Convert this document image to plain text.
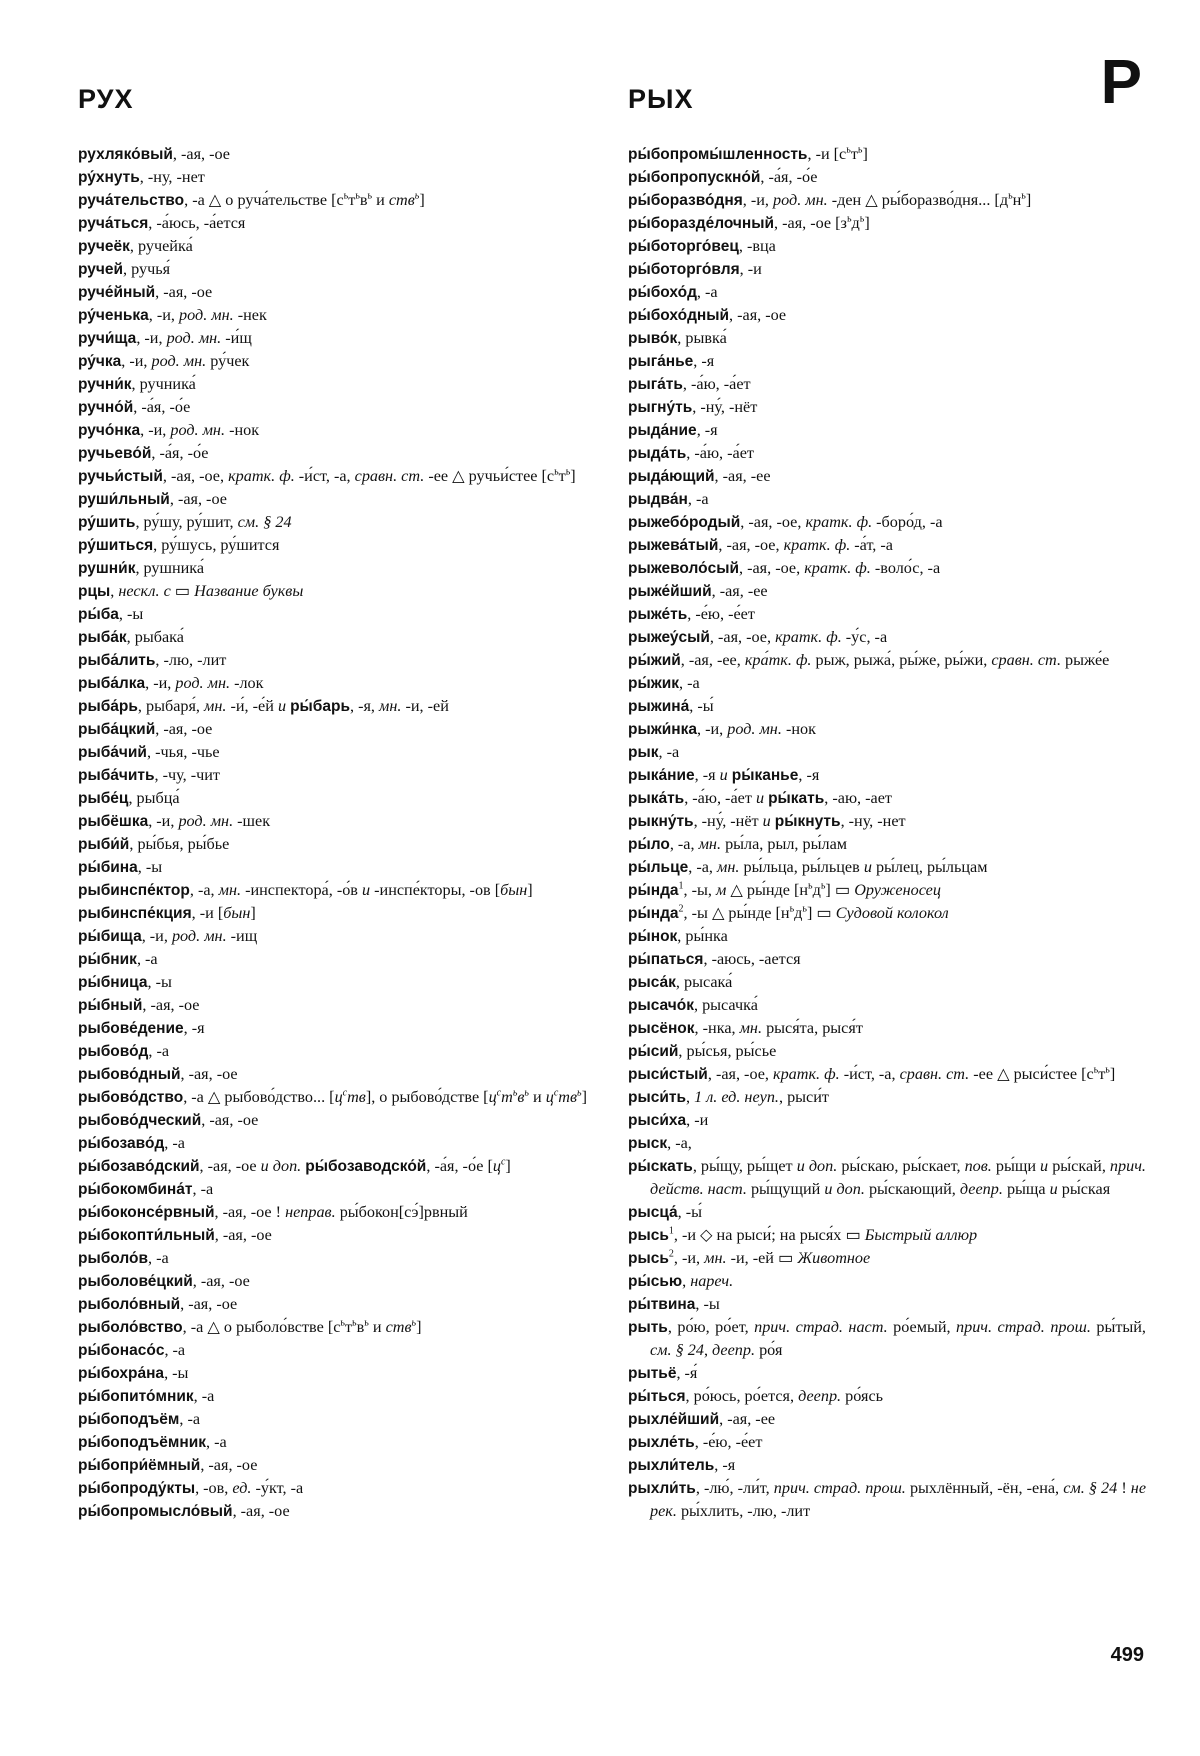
РУХ	РЫХ	Р
рухляко́вый, -ая, -ое
ру́хнуть, -ну, -нет
руча́тельство, -а △ о руча́тельстве [$с^ьт^ьв^ь$ и ств$^ь$]
руча́ться, -а́юсь, -а́ется
ручеёк, ручейка́
ручей, ручья́
руче́йный, -ая, -ое
ру́ченька, -и, род. мн. -нек
ручи́ща, -и, род. мн. -и́щ
ру́чка, -и, род. мн. ру́чек
ручни́к, ручника́
ручно́й, -а́я, -о́е
ручо́нка, -и, род. мн. -нок
ручьево́й, -а́я, -о́е
ручьи́стый, -ая, -ое, кратк. ф. -и́ст, -а, сравн. ст. -ее △ ручьи́стее $[с^ьт^ь]$
руши́льный, -ая, -ое
ру́шить, ру́шу, ру́шит, см. § 24
ру́шиться, ру́шусь, ру́шится
рушни́к, рушника́
рцы, нескл. с ▭ Название буквы
ры́ба, -ы
рыба́к, рыбака́
рыба́лить, -лю, -лит
рыба́лка, -и, род. мн. -лок
рыба́рь, рыбаря́, мн. -и́, -е́й и ры́барь, -я, мн. -и, -ей
рыба́цкий, -ая, -ое
рыба́чий, -чья, -чье
рыба́чить, -чу, -чит
рыбе́ц, рыбца́
рыбёшка, -и, род. мн. -шек
рыби́й, ры́бья, ры́бье
ры́бина, -ы
рыбинспе́ктор, -а, мн. -инспектора́, -о́в и -инспе́кторы, -ов [бын]
рыбинспе́кция, -и [бын]
ры́бища, -и, род. мн. -ищ
ры́бник, -а
ры́бница, -ы
ры́бный, -ая, -ое
рыбове́дение, -я
рыбово́д, -а
рыбово́дный, -ая, -ое
рыбово́дство, -а △ рыбово́дство... $[ц^ств]$, о рыбово́дстве [$ц^ст^ьв^ь$ и $ц^ств^ь$]
рыбово́дческий, -ая, -ое
ры́бозаво́д, -а
ры́бозаво́дский, -ая, -ое и доп. ры́бозаводско́й, -а́я, -о́е $[ц^с]$
ры́бокомбина́т, -а
ры́боконсе́рвный, -ая, -ое ! неправ. ры́бокон[сэ́]рвный
ры́бокопти́льный, -ая, -ое
рыболо́в, -а
рыболове́цкий, -ая, -ое
рыболо́вный, -ая, -ое
рыболо́вство, -а △ о рыболо́встве [$с^ьт^ьв^ь$ и ств$^ь$]
ры́бонасо́с, -а
ры́бохра́на, -ы
ры́бопито́мник, -а
ры́боподъём, -а
ры́боподъёмник, -а
ры́бопри́ёмный, -ая, -ое
ры́бопроду́кты, -ов, ед. -у́кт, -а
ры́бопромысло́вый, -ая, -ое
ры́бопромы́шленность, -и $[с^ьт^ь]$
ры́бопропускно́й, -а́я, -о́е
ры́боразво́дня, -и, род. мн. -ден △ ры́боразво́дня... $[д^ьн^ь]$
ры́боразде́лочный, -ая, -ое $[з^ьд^ь]$
ры́боторго́вец, -вца
ры́боторго́вля, -и
ры́бохо́д, -а
ры́бохо́дный, -ая, -ое
рыво́к, рывка́
рыга́нье, -я
рыга́ть, -а́ю, -а́ет
рыгну́ть, -ну́, -нёт
рыда́ние, -я
рыда́ть, -а́ю, -а́ет
рыда́ющий, -ая, -ее
рыдва́н, -а
рыжебо́родый, -ая, -ое, кратк. ф. -боро́д, -а
рыжева́тый, -ая, -ое, кратк. ф. -а́т, -а
рыжеволо́сый, -ая, -ое, кратк. ф. -воло́с, -а
рыже́йший, -ая, -ее
рыже́ть, -е́ю, -е́ет
рыжеу́сый, -ая, -ое, кратк. ф. -у́с, -а
ры́жий, -ая, -ее, кра́тк. ф. рыж, рыжа́, ры́же, ры́жи, сравн. ст. рыже́е
ры́жик, -а
рыжина́, -ы́
рыжи́нка, -и, род. мн. -нок
рык, -а
рыка́ние, -я и ры́канье, -я
рыка́ть, -а́ю, -а́ет и ры́кать, -аю, -ает
рыкну́ть, -ну́, -нёт и ры́кнуть, -ну, -нет
ры́ло, -а, мн. ры́ла, рыл, ры́лам
ры́льце, -а, мн. ры́льца, ры́льцев и ры́лец, ры́льцам
ры́нда$^1$, -ы, м △ ры́нде $[н^ьд^ь]$ ▭ Оруженосец
ры́нда$^2$, -ы △ ры́нде $[н^ьд^ь]$ ▭ Судовой колокол
ры́нок, ры́нка
ры́паться, -аюсь, -ается
рыса́к, рысака́
рысачо́к, рысачка́
рысёнок, -нка, мн. рыся́та, рыся́т
ры́сий, ры́сья, ры́сье
рыси́стый, -ая, -ое, кратк. ф. -и́ст, -а, сравн. ст. -ее △ рыси́стее $[с^ьт^ь]$
рыси́ть, 1 л. ед. неуп., рыси́т
рыси́ха, -и
рыск, -а,
ры́скать, ры́щу, ры́щет и доп. ры́скаю, ры́скает, пов. ры́щи и ры́скай, прич. действ. наст. ры́щущий и доп. ры́скающий, деепр. ры́ща и ры́ская
рысца́, -ы́
рысь$^1$, -и ◇ на рыси́; на рыся́х ▭ Быстрый аллюр
рысь$^2$, -и, мн. -и, -ей ▭ Животное
ры́сью, нареч.
ры́твина, -ы
рыть, ро́ю, ро́ет, прич. страд. наст. ро́емый, прич. страд. прош. ры́тый, см. § 24, деепр. ро́я
рытьё, -я́
ры́ться, ро́юсь, ро́ется, деепр. ро́ясь
рыхле́йший, -ая, -ее
рыхле́ть, -е́ю, -е́ет
рыхли́тель, -я
рыхли́ть, -лю́, -ли́т, прич. страд. прош. рыхлённый, -ён, -ена́, см. § 24 ! не рек. ры́хлить, -лю, -лит
499
